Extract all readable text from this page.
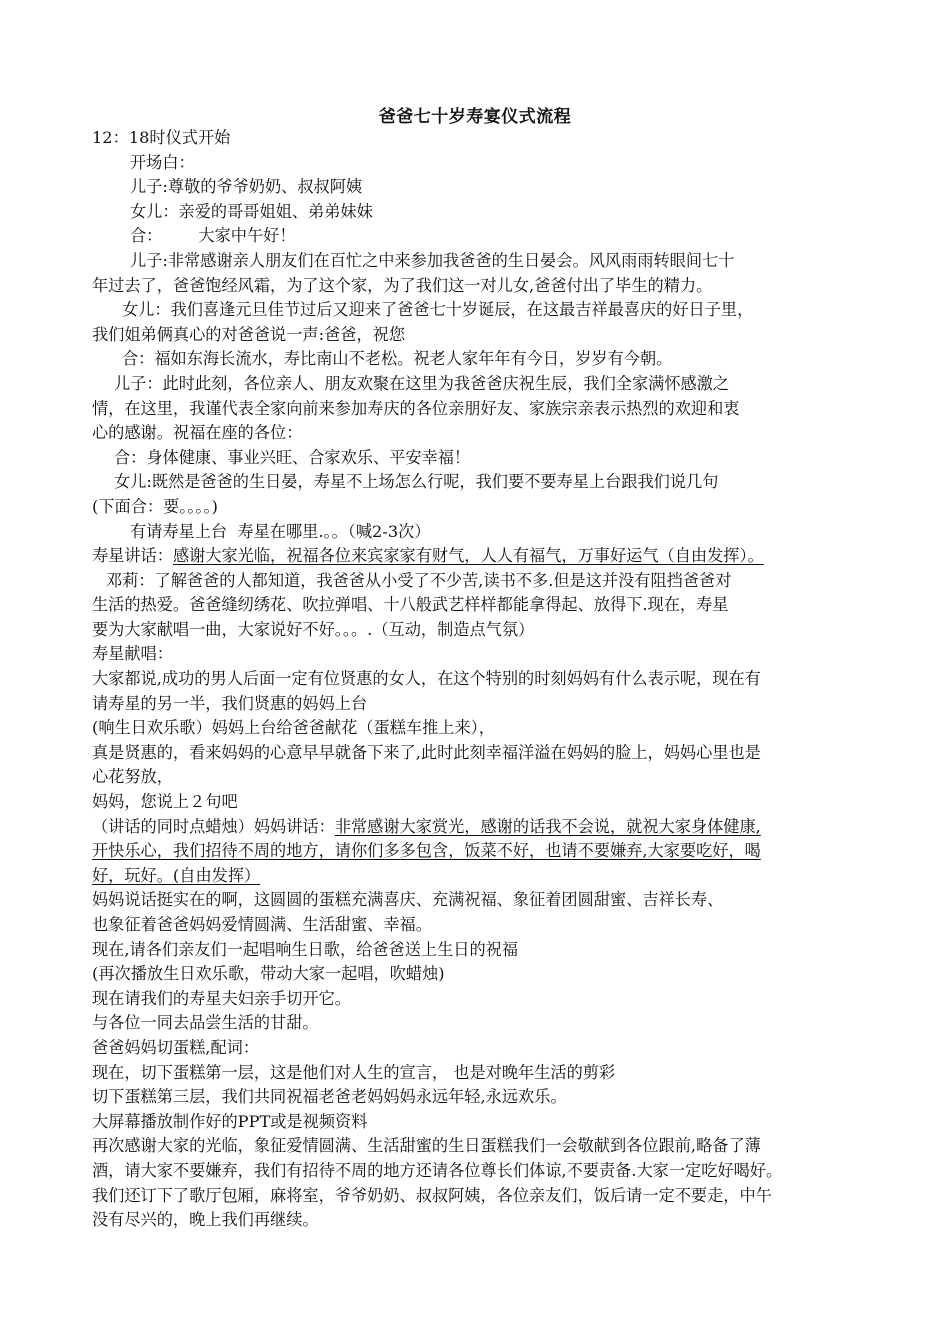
爸爸七十岁寿宴仪式流程
12：18时仪式开始
开场白：
儿子:尊敬的爷爷奶奶、叔叔阿姨
女儿：亲爱的哥哥姐姐、弟弟妹妹
合：       大家中午好！
儿子:非常感谢亲人朋友们在百忙之中来参加我爸爸的生日晏会。风风雨雨转眼间七十
年过去了，爸爸饱经风霜，为了这个家，为了我们这一对儿女,爸爸付出了毕生的精力。
女儿：我们喜逢元旦佳节过后又迎来了爸爸七十岁诞辰，在这最吉祥最喜庆的好日子里，
我们姐弟俩真心的对爸爸说一声:爸爸，祝您
合：福如东海长流水，寿比南山不老松。祝老人家年年有今日，岁岁有今朝。
儿子：此时此刻，各位亲人、朋友欢聚在这里为我爸爸庆祝生辰，我们全家满怀感激之
情，在这里，我谨代表全家向前来参加寿庆的各位亲朋好友、家族宗亲表示热烈的欢迎和衷
心的感谢。祝福在座的各位：
合：身体健康、事业兴旺、合家欢乐、平安幸福！
女儿:既然是爸爸的生日晏，寿星不上场怎么行呢，我们要不要寿星上台跟我们说几句
(下面合：要。。。。)
有请寿星上台  寿星在哪里.。。（喊2-3次）
寿星讲话：感谢大家光临，祝福各位来宾家家有财气，人人有福气，万事好运气（自由发挥）。
邓莉：了解爸爸的人都知道，我爸爸从小受了不少苦,读书不多.但是这并没有阻挡爸爸对
生活的热爱。爸爸缝纫绣花、吹拉弹唱、十八般武艺样样都能拿得起、放得下.现在，寿星
要为大家献唱一曲，大家说好不好。。。.（互动，制造点气氛）
寿星献唱：
大家都说,成功的男人后面一定有位贤惠的女人，在这个特别的时刻妈妈有什么表示呢，现在有
请寿星的另一半，我们贤惠的妈妈上台
(响生日欢乐歌）妈妈上台给爸爸献花（蛋糕车推上来），
真是贤惠的，看来妈妈的心意早早就备下来了,此时此刻幸福洋溢在妈妈的脸上，妈妈心里也是
心花努放，
妈妈，您说上２句吧
（讲话的同时点蜡烛）妈妈讲话：非常感谢大家赏光，感谢的话我不会说，就祝大家身体健康,
开快乐心，我们招待不周的地方，请你们多多包含，饭菜不好，也请不要嫌弃,大家要吃好，喝
好，玩好。(自由发挥）
妈妈说话挺实在的啊，这圆圆的蛋糕充满喜庆、充满祝福、象征着团圆甜蜜、吉祥长寿、
也象征着爸爸妈妈爱情圆满、生活甜蜜、幸福。
现在,请各们亲友们一起唱响生日歌，给爸爸送上生日的祝福
(再次播放生日欢乐歌，带动大家一起唱，吹蜡烛)
现在请我们的寿星夫妇亲手切开它。
与各位一同去品尝生活的甘甜。
爸爸妈妈切蛋糕,配词：
现在，切下蛋糕第一层，这是他们对人生的宣言， 也是对晚年生活的剪彩
切下蛋糕第三层，我们共同祝福老爸老妈妈妈永远年轻,永远欢乐。
大屏幕播放制作好的PPT或是视频资料
再次感谢大家的光临，象征爱情圆满、生活甜蜜的生日蛋糕我们一会敬献到各位跟前,略备了薄
酒，请大家不要嫌弃，我们有招待不周的地方还请各位尊长们体谅,不要责备.大家一定吃好喝好。
我们还订下了歌厅包厢，麻将室，爷爷奶奶、叔叔阿姨，各位亲友们，饭后请一定不要走，中午
没有尽兴的，晚上我们再继续。
